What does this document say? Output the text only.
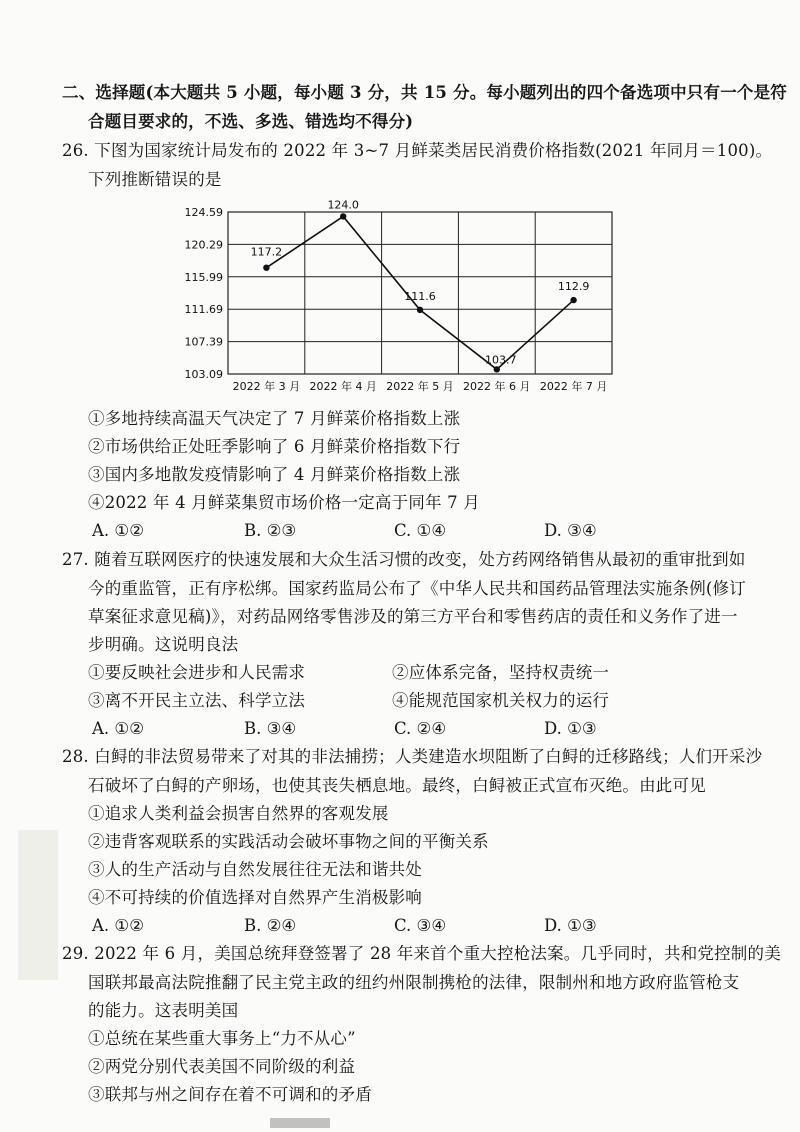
二、选择题(本大题共 5 小题，每小题 3 分，共 15 分。每小题列出的四个备选项中只有一个是符
合题目要求的，不选、多选、错选均不得分)
26. 下图为国家统计局发布的 2022 年 3~7 月鲜菜类居民消费价格指数(2021 年同月＝100)。
下列推断错误的是
103.09
107.39
111.69
115.99
120.29
124.59
2022 年 3 月 2022 年 4 月 2022 年 5 月 2022 年 6 月 2022 年 7 月
117.2
124.0
111.6
103.7
112.9
①多地持续高温天气决定了 7 月鲜菜价格指数上涨
②市场供给正处旺季影响了 6 月鲜菜价格指数下行
③国内多地散发疫情影响了 4 月鲜菜价格指数上涨
④2022 年 4 月鲜菜集贸市场价格一定高于同年 7 月
A. ①②	B. ②③	C. ①④	D. ③④
27. 随着互联网医疗的快速发展和大众生活习惯的改变，处方药网络销售从最初的重审批到如
今的重监管，正有序松绑。国家药监局公布了《中华人民共和国药品管理法实施条例(修订
草案征求意见稿)》，对药品网络零售涉及的第三方平台和零售药店的责任和义务作了进一
步明确。这说明良法
①要反映社会进步和人民需求	②应体系完备，坚持权责统一
③离不开民主立法、科学立法	④能规范国家机关权力的运行
A. ①②	B. ③④	C. ②④	D. ①③
28. 白鲟的非法贸易带来了对其的非法捕捞；人类建造水坝阻断了白鲟的迁移路线；人们开采沙
石破坏了白鲟的产卵场，也使其丧失栖息地。最终，白鲟被正式宣布灭绝。由此可见
①追求人类利益会损害自然界的客观发展
②违背客观联系的实践活动会破坏事物之间的平衡关系
③人的生产活动与自然发展往往无法和谐共处
④不可持续的价值选择对自然界产生消极影响
A. ①②	B. ②④	C. ③④	D. ①③
29. 2022 年 6 月，美国总统拜登签署了 28 年来首个重大控枪法案。几乎同时，共和党控制的美
国联邦最高法院推翻了民主党主政的纽约州限制携枪的法律，限制州和地方政府监管枪支
的能力。这表明美国
①总统在某些重大事务上“力不从心”
②两党分别代表美国不同阶级的利益
③联邦与州之间存在着不可调和的矛盾
